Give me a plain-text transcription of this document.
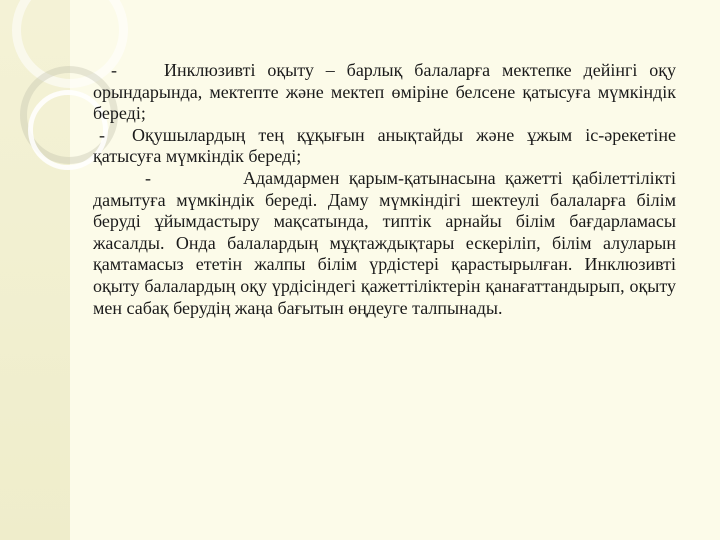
-	Инклюзивті оқыту – барлық балаларға мектепке дейінгі оқу орындарында, мектепте және мектеп өміріне белсене қатысуға мүмкіндік береді;

- Оқушылардың тең құқығын анықтайды және ұжым іс-әрекетіне қатысуға мүмкіндік береді;

-	Адамдармен қарым-қатынасына қажетті қабілеттілікті дамытуға мүмкіндік береді. Даму мүмкіндігі шектеулі балаларға білім беруді ұйымдастыру мақсатында, типтік арнайы білім бағдарламасы жасалды. Онда балалардың мұқтаждықтары ескеріліп, білім алуларын қамтамасыз ететін жалпы білім үрдістері қарастырылған. Инклюзивті оқыту балалардың оқу үрдісіндегі қажеттіліктерін қанағаттандырып, оқыту мен сабақ берудің жаңа бағытын өңдеуге талпынады.
